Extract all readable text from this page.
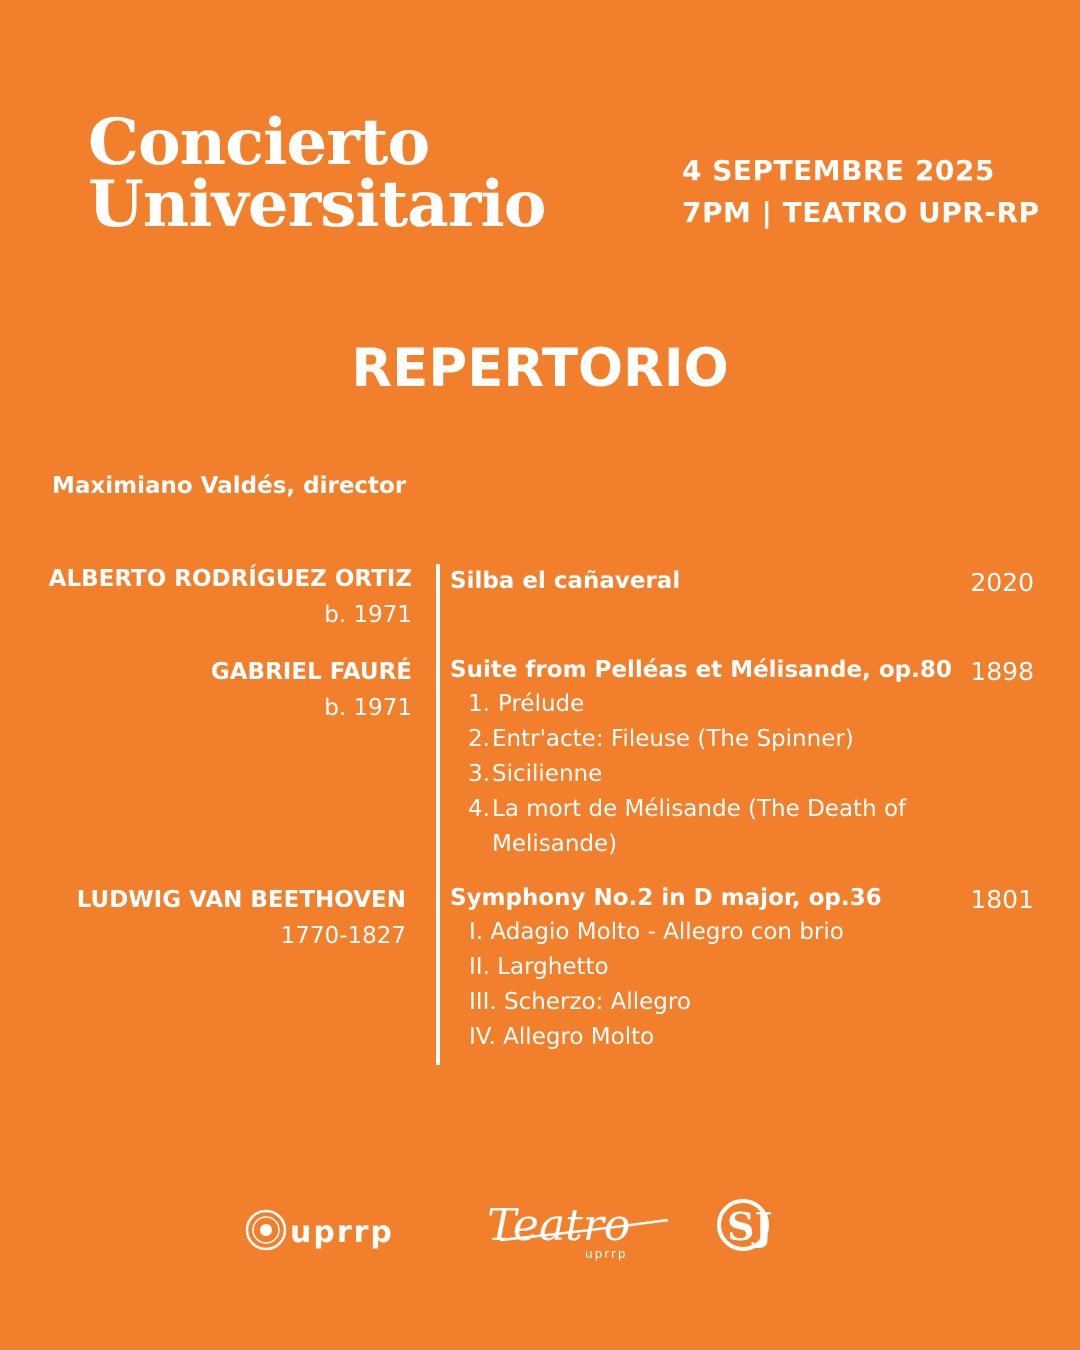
Concierto
Universitario	4 SEPTEMBRE 2025
7PM | TEATRO UPR-RP
REPERTORIO
Maximiano Valdés, director
ALBERTO RODRÍGUEZ ORTIZ
b. 1971
Silba el cañaveral	2020
GABRIEL FAURÉ
b. 1971
Suite from Pelléas et Mélisande, op.80
1. Prélude
2. Entr'acte: Fileuse (The Spinner)
3. Sicilienne
4. La mort de Mélisande (The Death of Melisande)
1898
LUDWIG VAN BEETHOVEN
1770-1827
Symphony No.2 in D major, op.36
I. Adagio Molto - Allegro con brio
II. Larghetto
III. Scherzo: Allegro
IV. Allegro Molto
1801
uprrp Teatro
uprrp
SJ
